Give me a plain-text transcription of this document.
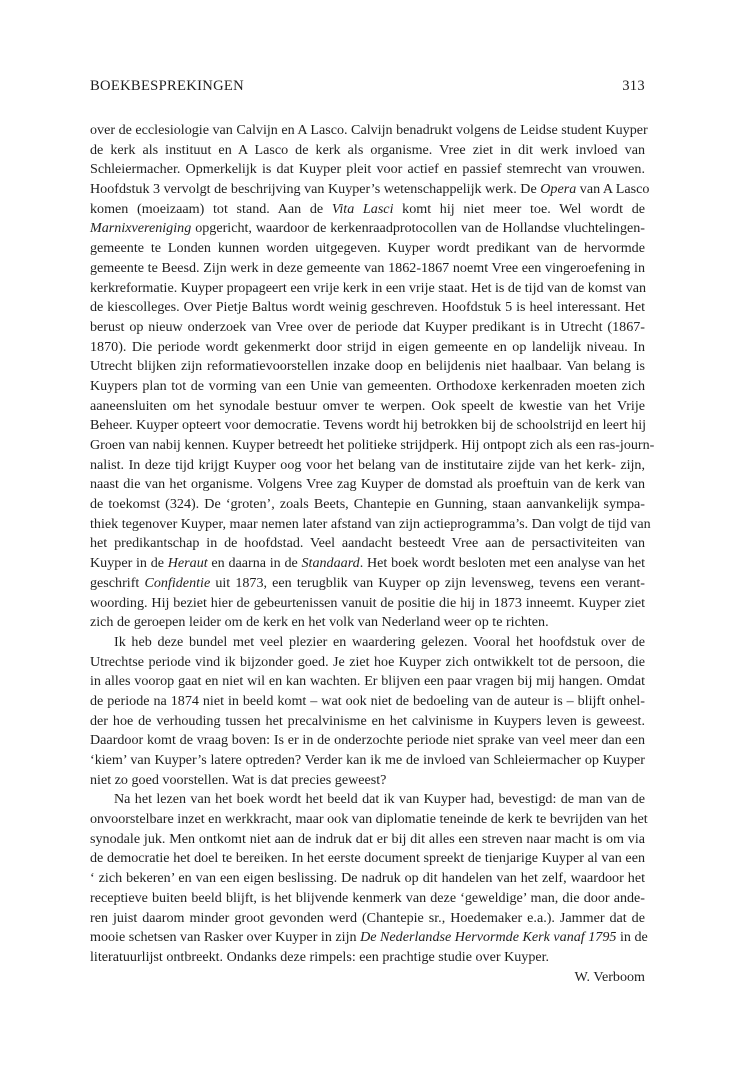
BOEKBESPREKINGEN	313
over de ecclesiologie van Calvijn en A Lasco. Calvijn benadrukt volgens de Leidse student Kuyper
de kerk als instituut en A Lasco de kerk als organisme. Vree ziet in dit werk invloed van
Schleiermacher. Opmerkelijk is dat Kuyper pleit voor actief en passief stemrecht van vrouwen.
Hoofdstuk 3 vervolgt de beschrijving van Kuyper’s wetenschappelijk werk. De Opera van A Lasco
komen (moeizaam) tot stand. Aan de Vita Lasci komt hij niet meer toe. Wel wordt de
Marnixvereniging opgericht, waardoor de kerkenraadprotocollen van de Hollandse vluchtelingen-
gemeente te Londen kunnen worden uitgegeven. Kuyper wordt predikant van de hervormde
gemeente te Beesd. Zijn werk in deze gemeente van 1862-1867 noemt Vree een vingeroefening in
kerkreformatie. Kuyper propageert een vrije kerk in een vrije staat. Het is de tijd van de komst van
de kiescolleges. Over Pietje Baltus wordt weinig geschreven. Hoofdstuk 5 is heel interessant. Het
berust op nieuw onderzoek van Vree over de periode dat Kuyper predikant is in Utrecht (1867-
1870). Die periode wordt gekenmerkt door strijd in eigen gemeente en op landelijk niveau. In
Utrecht blijken zijn reformatievoorstellen inzake doop en belijdenis niet haalbaar. Van belang is
Kuypers plan tot de vorming van een Unie van gemeenten. Orthodoxe kerkenraden moeten zich
aaneensluiten om het synodale bestuur omver te werpen. Ook speelt de kwestie van het Vrije
Beheer. Kuyper opteert voor democratie. Tevens wordt hij betrokken bij de schoolstrijd en leert hij
Groen van nabij kennen. Kuyper betreedt het politieke strijdperk. Hij ontpopt zich als een ras-journ-
nalist. In deze tijd krijgt Kuyper oog voor het belang van de institutaire zijde van het kerk- zijn,
naast die van het organisme. Volgens Vree zag Kuyper de domstad als proeftuin van de kerk van
de toekomst (324). De ‘groten’, zoals Beets, Chantepie en Gunning, staan aanvankelijk sympa-
thiek tegenover Kuyper, maar nemen later afstand van zijn actieprogramma’s. Dan volgt de tijd van
het predikantschap in de hoofdstad. Veel aandacht besteedt Vree aan de persactiviteiten van
Kuyper in de Heraut en daarna in de Standaard. Het boek wordt besloten met een analyse van het
geschrift Confidentie uit 1873, een terugblik van Kuyper op zijn levensweg, tevens een verant-
woording. Hij beziet hier de gebeurtenissen vanuit de positie die hij in 1873 inneemt. Kuyper ziet
zich de geroepen leider om de kerk en het volk van Nederland weer op te richten.
Ik heb deze bundel met veel plezier en waardering gelezen. Vooral het hoofdstuk over de
Utrechtse periode vind ik bijzonder goed. Je ziet hoe Kuyper zich ontwikkelt tot de persoon, die
in alles voorop gaat en niet wil en kan wachten. Er blijven een paar vragen bij mij hangen. Omdat
de periode na 1874 niet in beeld komt – wat ook niet de bedoeling van de auteur is – blijft onhel-
der hoe de verhouding tussen het precalvinisme en het calvinisme in Kuypers leven is geweest.
Daardoor komt de vraag boven: Is er in de onderzochte periode niet sprake van veel meer dan een
‘kiem’ van Kuyper’s latere optreden? Verder kan ik me de invloed van Schleiermacher op Kuyper
niet zo goed voorstellen. Wat is dat precies geweest?
Na het lezen van het boek wordt het beeld dat ik van Kuyper had, bevestigd: de man van de
onvoorstelbare inzet en werkkracht, maar ook van diplomatie teneinde de kerk te bevrijden van het
synodale juk. Men ontkomt niet aan de indruk dat er bij dit alles een streven naar macht is om via
de democratie het doel te bereiken. In het eerste document spreekt de tienjarige Kuyper al van een
‘ zich bekeren’ en van een eigen beslissing. De nadruk op dit handelen van het zelf, waardoor het
receptieve buiten beeld blijft, is het blijvende kenmerk van deze ‘geweldige’ man, die door ande-
ren juist daarom minder groot gevonden werd (Chantepie sr., Hoedemaker e.a.). Jammer dat de
mooie schetsen van Rasker over Kuyper in zijn De Nederlandse Hervormde Kerk vanaf 1795 in de
literatuurlijst ontbreekt. Ondanks deze rimpels: een prachtige studie over Kuyper.
W. Verboom
